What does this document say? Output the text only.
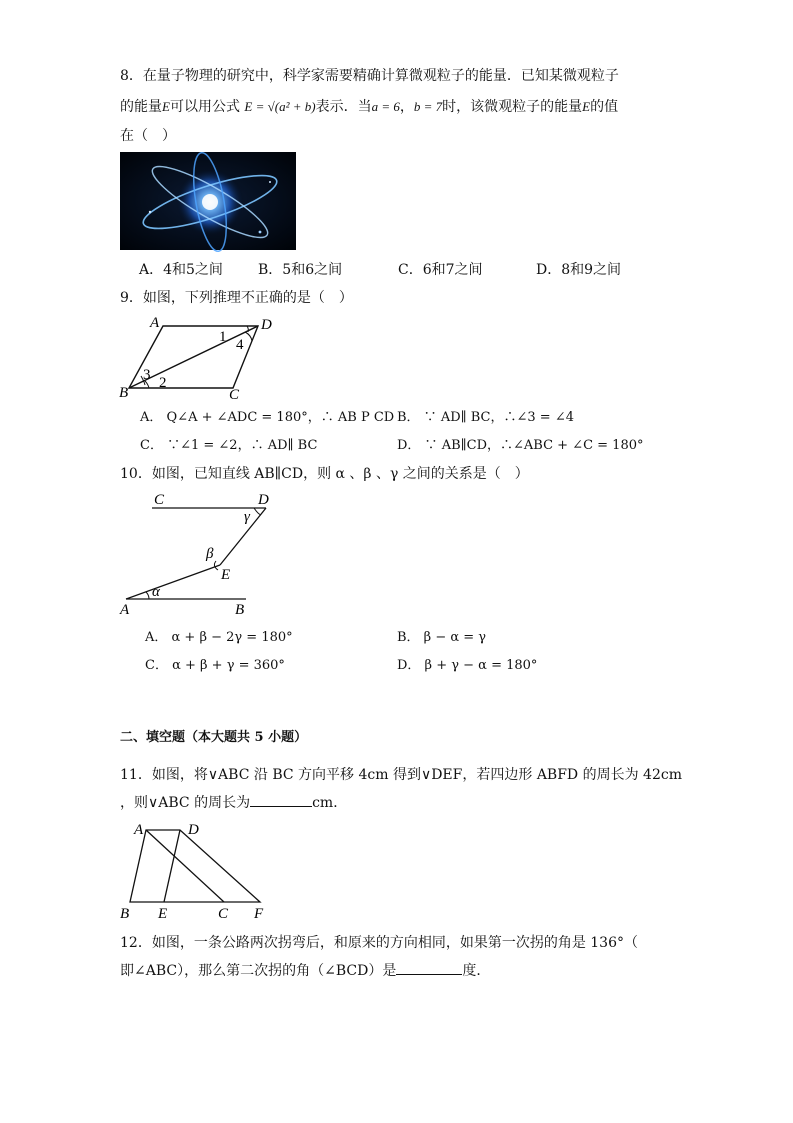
8．在量子物理的研究中，科学家需要精确计算微观粒子的能量．已知某微观粒子
的能量E可以用公式 E = √(a² + b)表示．当a = 6，b = 7时，该微观粒子的能量E的值
在（　）
A．4和5之间	B．5和6之间	C．6和7之间	D．8和9之间
9．如图，下列推理不正确的是（　）
A	D
B	C
1 4
3 2
A． Q∠A + ∠ADC = 180°，∴ AB P CD B． ∵ AD∥ BC，∴∠3 = ∠4
C． ∵∠1 = ∠2，∴ AD∥ BC	D． ∵ AB∥CD，∴∠ABC + ∠C = 180°
10．如图，已知直线 AB∥CD，则 α 、β 、γ 之间的关系是（　）
C	D
γ
β
E
α
A	B
A． α + β − 2γ = 180°	B． β − α = γ
C． α + β + γ = 360°	D． β + γ − α = 180°
二、填空题（本大题共 5 小题）
11．如图，将∨ABC 沿 BC 方向平移 4cm 得到∨DEF，若四边形 ABFD 的周长为 42cm
，则∨ABC 的周长为	cm．
A	D
B E	C F
12．如图，一条公路两次拐弯后，和原来的方向相同，如果第一次拐的角是 136°（
即∠ABC），那么第二次拐的角（∠BCD）是	度．
